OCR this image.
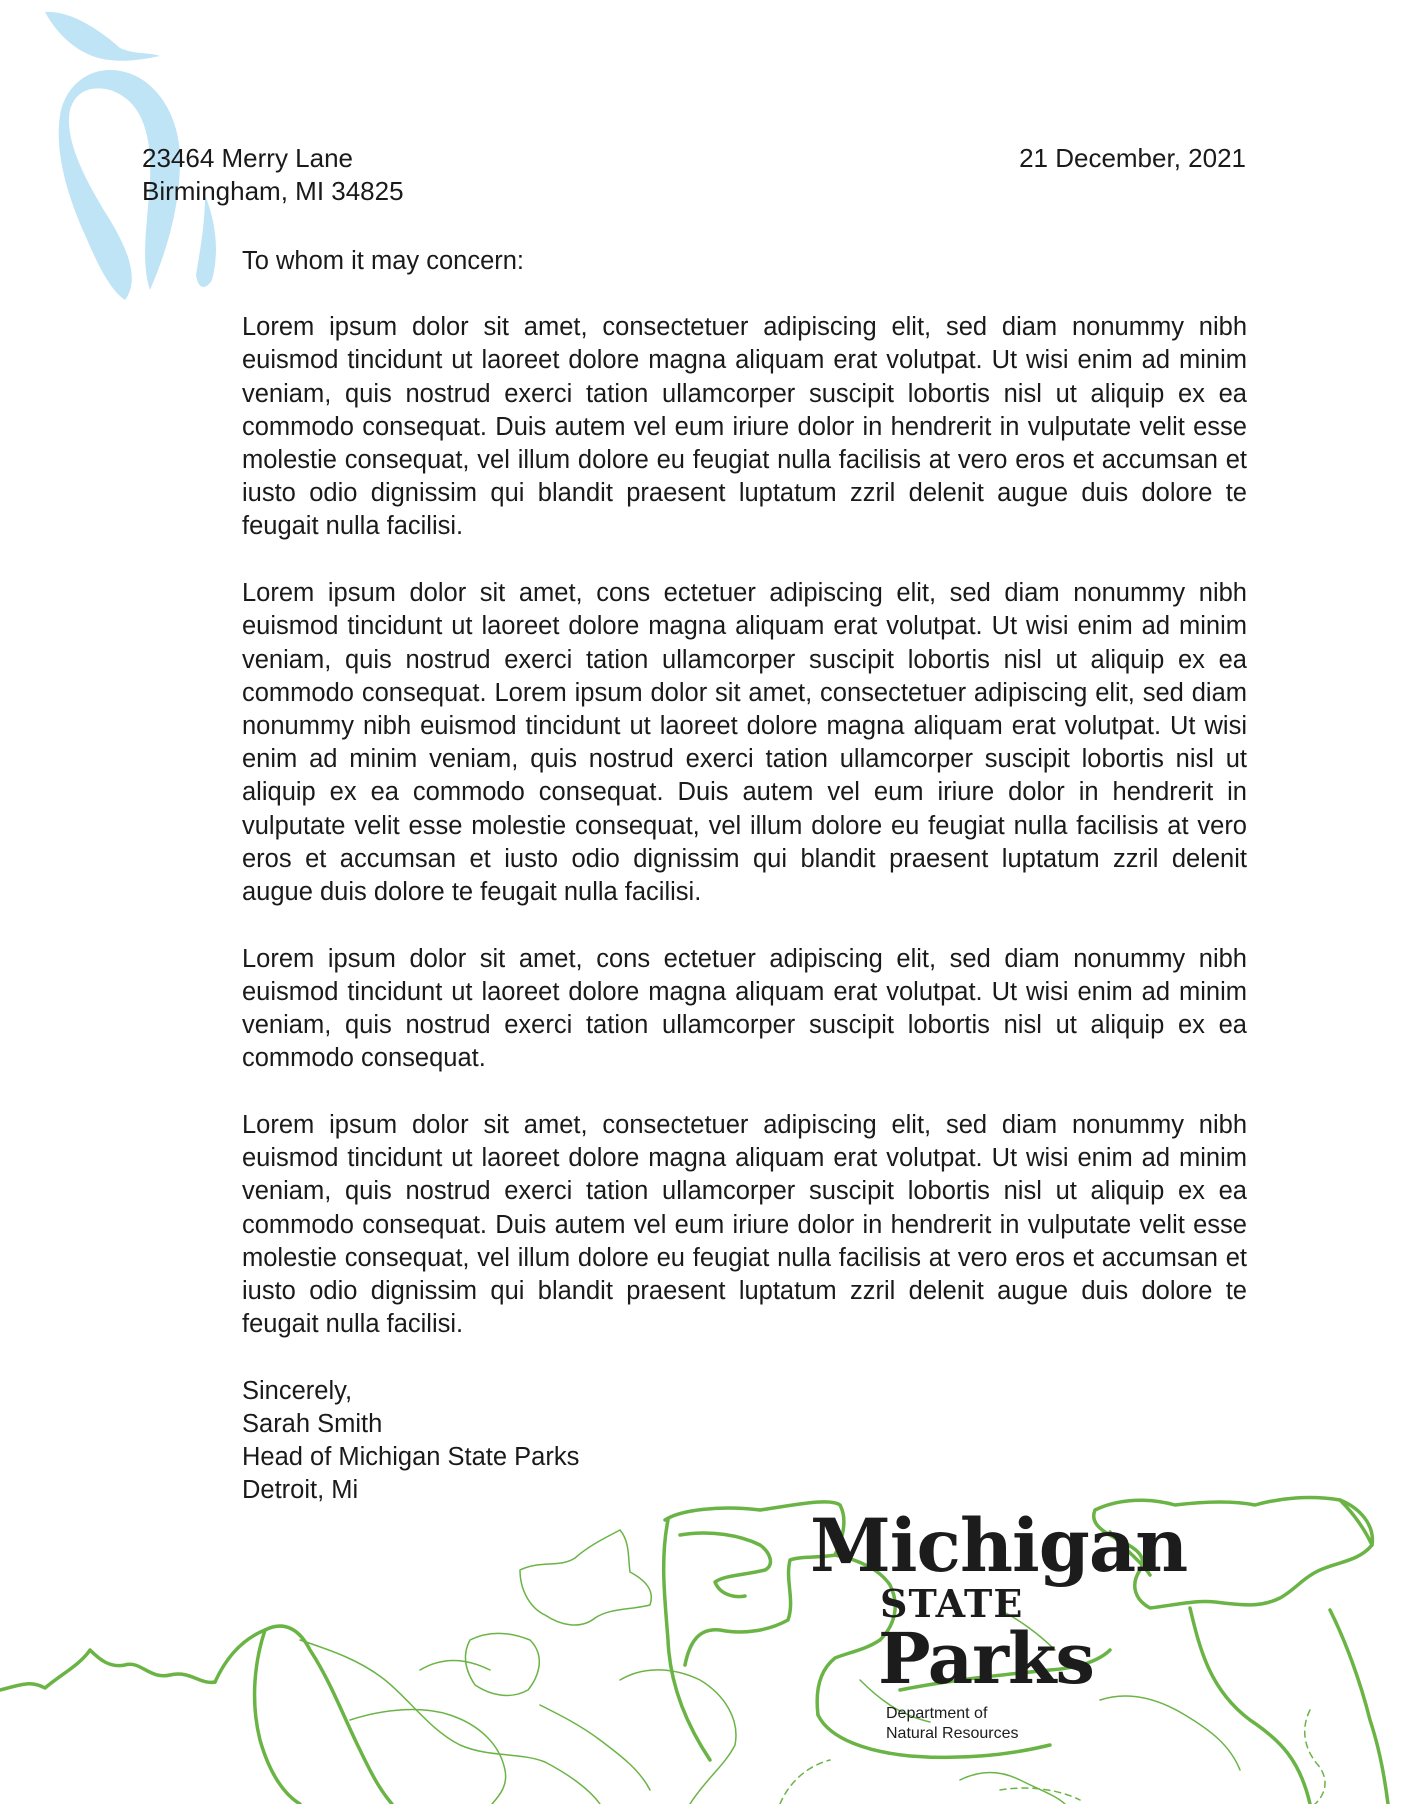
23464 Merry Lane
Birmingham, MI 34825
21 December, 2021

To whom it may concern:

Lorem ipsum dolor sit amet, consectetuer adipiscing elit, sed diam nonummy nibh euismod tincidunt ut laoreet dolore magna aliquam erat volutpat. Ut wisi enim ad minim veniam, quis nostrud exerci tation ullamcorper suscipit lobortis nisl ut aliquip ex ea commodo consequat. Duis autem vel eum iriure dolor in hendrerit in vulputate velit esse molestie consequat, vel illum dolore eu feugiat nulla facilisis at vero eros et accumsan et iusto odio dignissim qui blandit praesent luptatum zzril delenit augue duis dolore te feugait nulla facilisi.

Lorem ipsum dolor sit amet, cons ectetuer adipiscing elit, sed diam nonummy nibh euismod tincidunt ut laoreet dolore magna aliquam erat volutpat. Ut wisi enim ad minim veniam, quis nostrud exerci tation ullamcorper suscipit lobortis nisl ut aliquip ex ea commodo consequat. Lorem ipsum dolor sit amet, consectetuer adipiscing elit, sed diam nonummy nibh euismod tincidunt ut laoreet dolore magna aliquam erat volutpat. Ut wisi enim ad minim veniam, quis nostrud exerci tation ullamcorper suscipit lobortis nisl ut aliquip ex ea commodo consequat. Duis autem vel eum iriure dolor in hendrerit in vulputate velit esse molestie consequat, vel illum dolore eu feugiat nulla facilisis at vero eros et accumsan et iusto odio dignissim qui blandit praesent luptatum zzril delenit augue duis dolore te feugait nulla facilisi.

Lorem ipsum dolor sit amet, cons ectetuer adipiscing elit, sed diam nonummy nibh euismod tincidunt ut laoreet dolore magna aliquam erat volutpat. Ut wisi enim ad minim veniam, quis nostrud exerci tation ullamcorper suscipit lobortis nisl ut aliquip ex ea commodo consequat.

Lorem ipsum dolor sit amet, consectetuer adipiscing elit, sed diam nonummy nibh euismod tincidunt ut laoreet dolore magna aliquam erat volutpat. Ut wisi enim ad minim veniam, quis nostrud exerci tation ullamcorper suscipit lobortis nisl ut aliquip ex ea commodo consequat. Duis autem vel eum iriure dolor in hendrerit in vulputate velit esse molestie consequat, vel illum dolore eu feugiat nulla facilisis at vero eros et accumsan et iusto odio dignissim qui blandit praesent luptatum zzril delenit augue duis dolore te feugait nulla facilisi.

Sincerely,
Sarah Smith
Head of Michigan State Parks
Detroit, Mi
Michigan
STATE
Parks
Department of
Natural Resources
